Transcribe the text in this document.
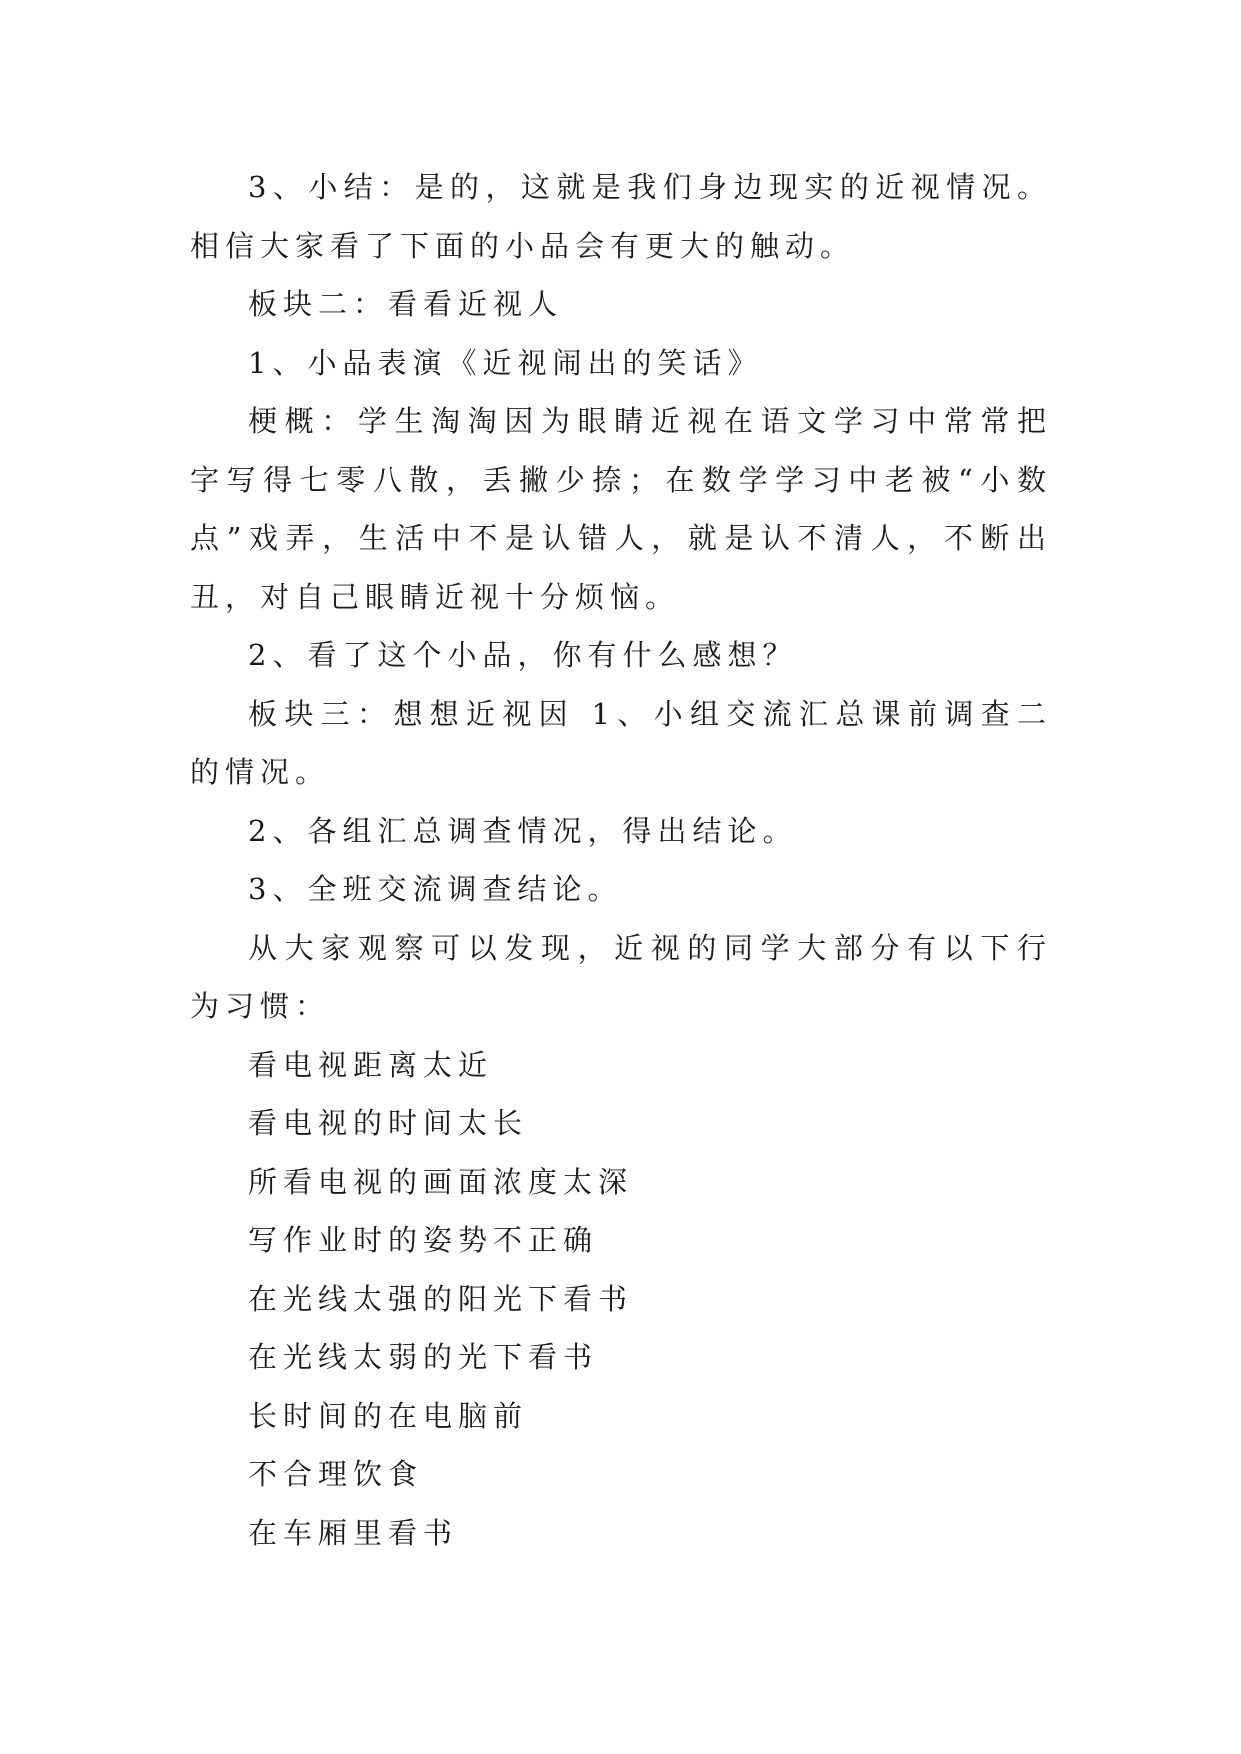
3、小结：是的，这就是我们身边现实的近视情况。相信大家看了下面的小品会有更大的触动。

板块二：看看近视人

1、小品表演《近视闹出的笑话》

梗概：学生淘淘因为眼睛近视在语文学习中常常把字写得七零八散，丢撇少捺；在数学学习中老被“小数点”戏弄，生活中不是认错人，就是认不清人，不断出丑，对自己眼睛近视十分烦恼。

2、看了这个小品，你有什么感想？

板块三：想想近视因 1、小组交流汇总课前调查二的情况。

2、各组汇总调查情况，得出结论。

3、全班交流调查结论。

从大家观察可以发现，近视的同学大部分有以下行为习惯：

看电视距离太近

看电视的时间太长

所看电视的画面浓度太深

写作业时的姿势不正确

在光线太强的阳光下看书

在光线太弱的光下看书

长时间的在电脑前

不合理饮食

在车厢里看书
